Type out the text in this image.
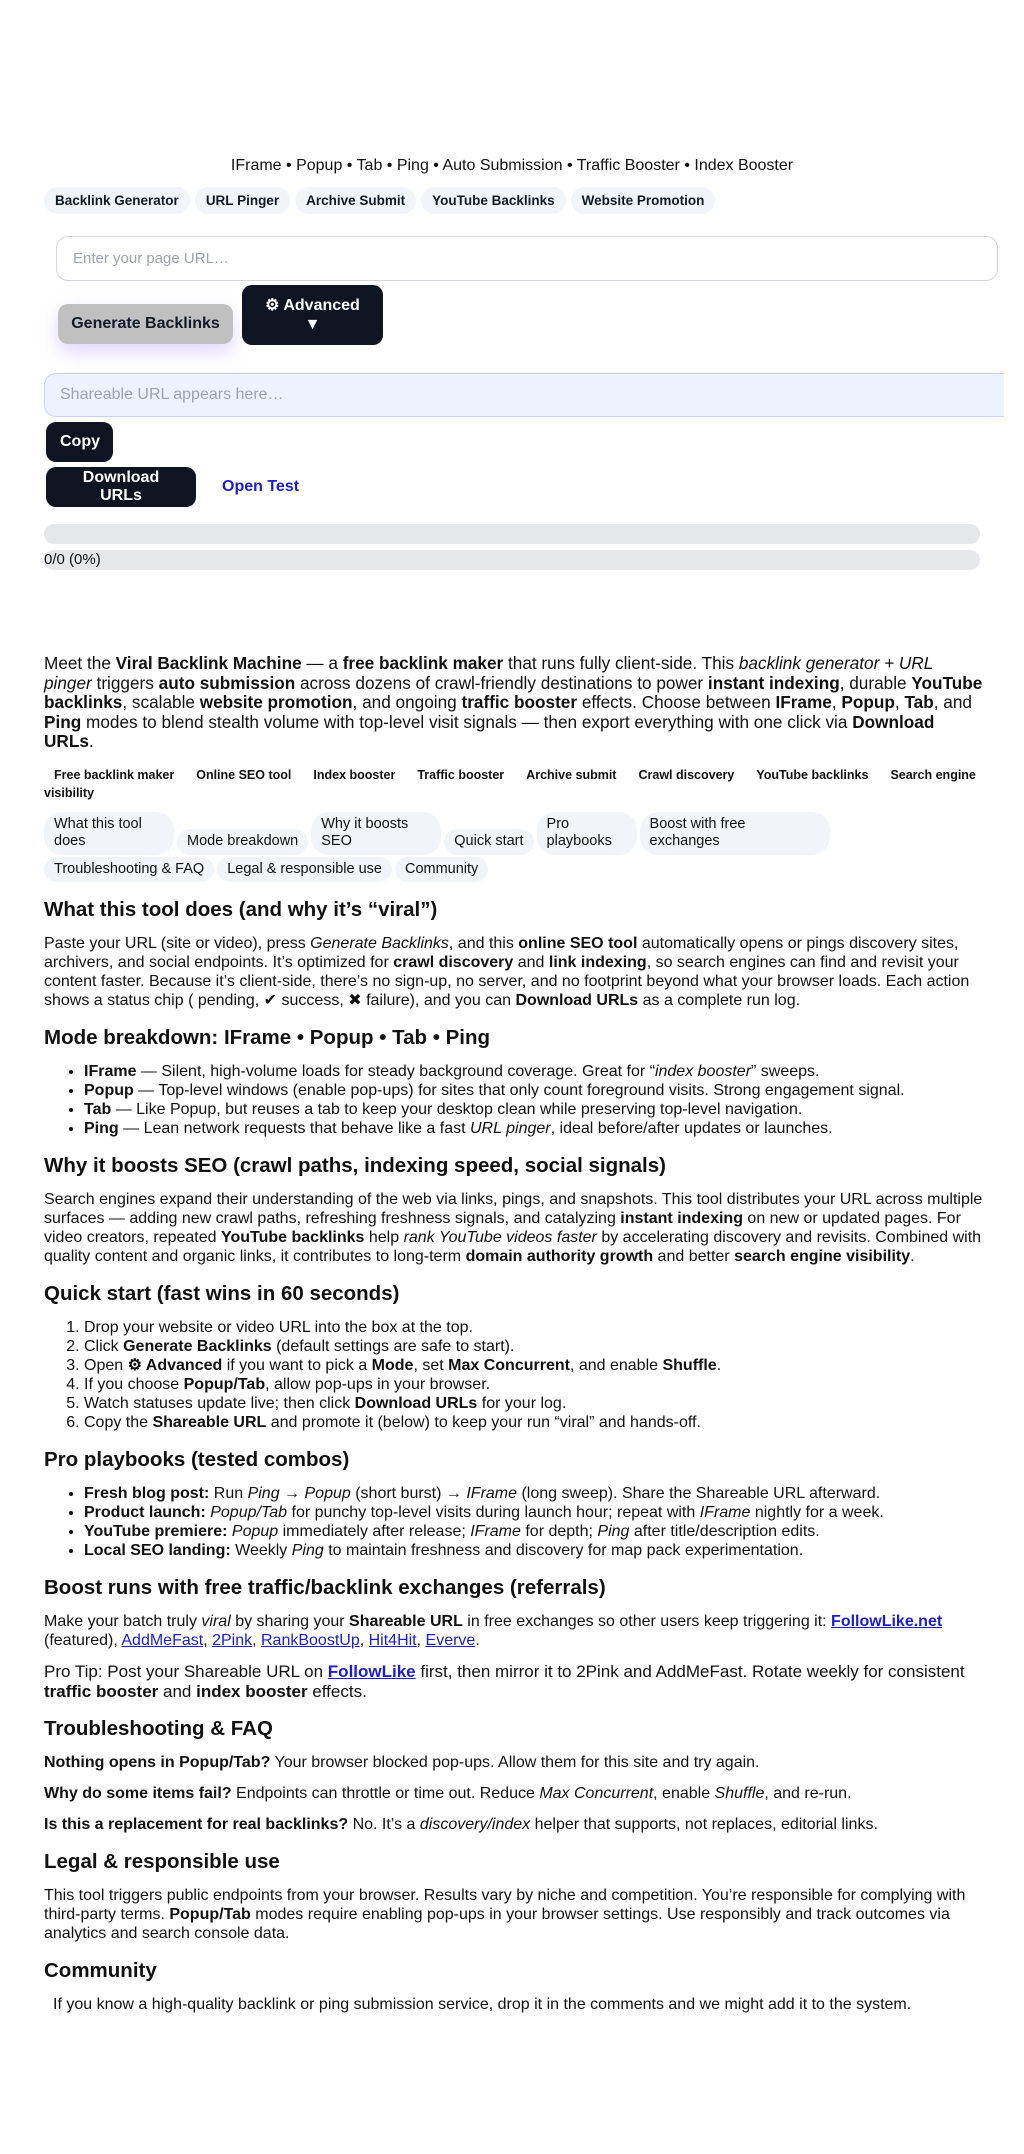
IFrame • Popup • Tab • Ping • Auto Submission • Traffic Booster • Index Booster
Backlink Generator	URL Pinger	Archive Submit	YouTube Backlinks	Website Promotion
Enter your page URL…
Generate Backlinks
⚙ Advanced
▼
Shareable URL appears here…
Copy
Download URLs
Open Test
0/0 (0%)

Meet the Viral Backlink Machine — a free backlink maker that runs fully client-side. This backlink generator + URL pinger triggers auto submission across dozens of crawl-friendly destinations to power instant indexing, durable YouTube backlinks, scalable website promotion, and ongoing traffic booster effects. Choose between IFrame, Popup, Tab, and Ping modes to blend stealth volume with top-level visit signals — then export everything with one click via Download URLs.

Free backlink maker Online SEO tool Index booster Traffic booster Archive submit Crawl discovery YouTube backlinks Search engine visibility
What this tool does	Mode breakdown
Why it boosts SEO	Quick start
Pro playbooks
Boost with free exchanges
Troubleshooting & FAQ	Legal & responsible use	Community
What this tool does (and why it’s “viral”)

Paste your URL (site or video), press Generate Backlinks, and this online SEO tool automatically opens or pings discovery sites, archivers, and social endpoints. It’s optimized for crawl discovery and link indexing, so search engines can find and revisit your content faster. Because it’s client-side, there’s no sign-up, no server, and no footprint beyond what your browser loads. Each action shows a status chip ( pending, ✔ success, ✖ failure), and you can Download URLs as a complete run log.

Mode breakdown: IFrame • Popup • Tab • Ping
• IFrame — Silent, high-volume loads for steady background coverage. Great for “index booster” sweeps.
• Popup — Top-level windows (enable pop-ups) for sites that only count foreground visits. Strong engagement signal.
• Tab — Like Popup, but reuses a tab to keep your desktop clean while preserving top-level navigation.
• Ping — Lean network requests that behave like a fast URL pinger, ideal before/after updates or launches.
Why it boosts SEO (crawl paths, indexing speed, social signals)

Search engines expand their understanding of the web via links, pings, and snapshots. This tool distributes your URL across multiple surfaces — adding new crawl paths, refreshing freshness signals, and catalyzing instant indexing on new or updated pages. For video creators, repeated YouTube backlinks help rank YouTube videos faster by accelerating discovery and revisits. Combined with quality content and organic links, it contributes to long-term domain authority growth and better search engine visibility.

Quick start (fast wins in 60 seconds)
1. Drop your website or video URL into the box at the top.
2. Click Generate Backlinks (default settings are safe to start).
3. Open ⚙ Advanced if you want to pick a Mode, set Max Concurrent, and enable Shuffle.
4. If you choose Popup/Tab, allow pop-ups in your browser.
5. Watch statuses update live; then click Download URLs for your log.
6. Copy the Shareable URL and promote it (below) to keep your run “viral” and hands-off.
Pro playbooks (tested combos)
• Fresh blog post: Run Ping → Popup (short burst) → IFrame (long sweep). Share the Shareable URL afterward.
• Product launch: Popup/Tab for punchy top-level visits during launch hour; repeat with IFrame nightly for a week.
• YouTube premiere: Popup immediately after release; IFrame for depth; Ping after title/description edits.
• Local SEO landing: Weekly Ping to maintain freshness and discovery for map pack experimentation.
Boost runs with free traffic/backlink exchanges (referrals)

Make your batch truly viral by sharing your Shareable URL in free exchanges so other users keep triggering it: FollowLike.net (featured), AddMeFast, 2Pink, RankBoostUp, Hit4Hit, Everve.

Pro Tip: Post your Shareable URL on FollowLike first, then mirror it to 2Pink and AddMeFast. Rotate weekly for consistent traffic booster and index booster effects.

Troubleshooting & FAQ

Nothing opens in Popup/Tab? Your browser blocked pop-ups. Allow them for this site and try again.

Why do some items fail? Endpoints can throttle or time out. Reduce Max Concurrent, enable Shuffle, and re-run.

Is this a replacement for real backlinks? No. It’s a discovery/index helper that supports, not replaces, editorial links.

Legal & responsible use

This tool triggers public endpoints from your browser. Results vary by niche and competition. You’re responsible for complying with third-party terms. Popup/Tab modes require enabling pop-ups in your browser settings. Use responsibly and track outcomes via analytics and search console data.

Community

If you know a high-quality backlink or ping submission service, drop it in the comments and we might add it to the system.
